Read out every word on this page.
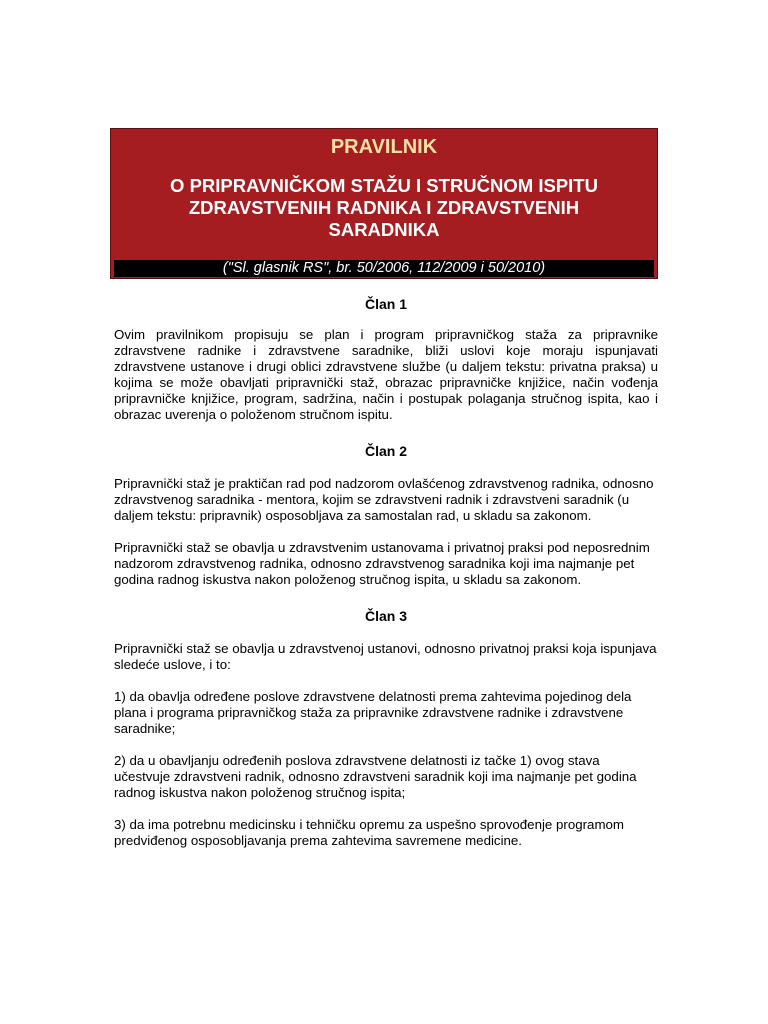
PRAVILNIK
O PRIPRAVNIČKOM STAŽU I STRUČNOM ISPITU
ZDRAVSTVENIH RADNIKA I ZDRAVSTVENIH
SARADNIKA
("Sl. glasnik RS", br. 50/2006, 112/2009 i 50/2010)
Član 1

Ovim pravilnikom propisuju se plan i program pripravničkog staža za pripravnike zdravstvene radnike i zdravstvene saradnike, bliži uslovi koje moraju ispunjavati zdravstvene ustanove i drugi oblici zdravstvene službe (u daljem tekstu: privatna praksa) u kojima se može obavljati pripravnički staž, obrazac pripravničke knjižice, način vođenja pripravničke knjižice, program, sadržina, način i postupak polaganja stručnog ispita, kao i obrazac uverenja o položenom stručnom ispitu.

Član 2

Pripravnički staž je praktičan rad pod nadzorom ovlašćenog zdravstvenog radnika, odnosno zdravstvenog saradnika - mentora, kojim se zdravstveni radnik i zdravstveni saradnik (u daljem tekstu: pripravnik) osposobljava za samostalan rad, u skladu sa zakonom.

Pripravnički staž se obavlja u zdravstvenim ustanovama i privatnoj praksi pod neposrednim nadzorom zdravstvenog radnika, odnosno zdravstvenog saradnika koji ima najmanje pet godina radnog iskustva nakon položenog stručnog ispita, u skladu sa zakonom.

Član 3

Pripravnički staž se obavlja u zdravstvenoj ustanovi, odnosno privatnoj praksi koja ispunjava sledeće uslove, i to:

1) da obavlja određene poslove zdravstvene delatnosti prema zahtevima pojedinog dela plana i programa pripravničkog staža za pripravnike zdravstvene radnike i zdravstvene saradnike;

2) da u obavljanju određenih poslova zdravstvene delatnosti iz tačke 1) ovog stava učestvuje zdravstveni radnik, odnosno zdravstveni saradnik koji ima najmanje pet godina radnog iskustva nakon položenog stručnog ispita;

3) da ima potrebnu medicinsku i tehničku opremu za uspešno sprovođenje programom predviđenog osposobljavanja prema zahtevima savremene medicine.
